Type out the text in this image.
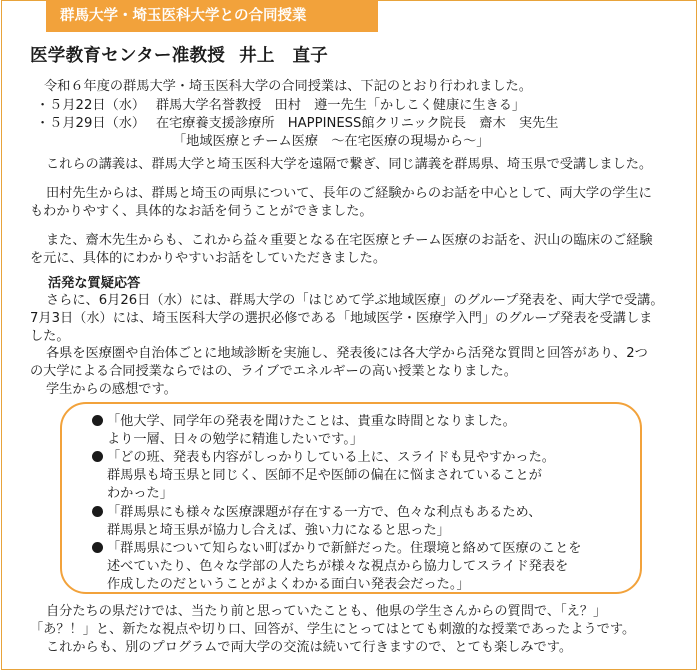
群馬大学・埼玉医科大学との合同授業
医学教育センター准教授 井上　直子
令和６年度の群馬大学・埼玉医科大学の合同授業は、下記のとおり行われました。
・５月22日（水）　 群馬大学名誉教授　田村　遵一先生「かしこく健康に生きる」
・５月29日（水）　 在宅療養支援診療所　HAPPINESS館クリニック院長　齋木　実先生
「地域医療とチーム医療　～在宅医療の現場から～」
これらの講義は、群馬大学と埼玉医科大学を遠隔で繋ぎ、同じ講義を群馬県、埼玉県で受講しました。
田村先生からは、群馬と埼玉の両県について、長年のご経験からのお話を中心として、両大学の学生に
もわかりやすく、具体的なお話を伺うことができました。
また、齋木先生からも、これから益々重要となる在宅医療とチーム医療のお話を、沢山の臨床のご経験
を元に、具体的にわかりやすいお話をしていただきました。
活発な質疑応答
さらに、6月26日（水）には、群馬大学の「はじめて学ぶ地域医療」のグループ発表を、両大学で受講。
7月3日（水）には、埼玉医科大学の選択必修である「地域医学・医療学入門」のグループ発表を受講しま
した。
各県を医療圏や自治体ごとに地域診断を実施し、発表後には各大学から活発な質問と回答があり、2つ
の大学による合同授業ならではの、ライブでエネルギーの高い授業となりました。
学生からの感想です。
「他大学、同学年の発表を聞けたことは、貴重な時間となりました。
より一層、日々の勉学に精進したいです。」
「どの班、発表も内容がしっかりしている上に、スライドも見やすかった。
群馬県も埼玉県と同じく、医師不足や医師の偏在に悩まされていることが
わかった」
「群馬県にも様々な医療課題が存在する一方で、色々な利点もあるため、
群馬県と埼玉県が協力し合えば、強い力になると思った」
「群馬県について知らない町ばかりで新鮮だった。住環境と絡めて医療のことを
述べていたり、色々な学部の人たちが様々な視点から協力してスライド発表を
作成したのだということがよくわかる面白い発表会だった。」
自分たちの県だけでは、当たり前と思っていたことも、他県の学生さんからの質問で、「え？」
「あ？！」と、新たな視点や切り口、回答が、学生にとってはとても刺激的な授業であったようです。
これからも、別のプログラムで両大学の交流は続いて行きますので、とても楽しみです。
